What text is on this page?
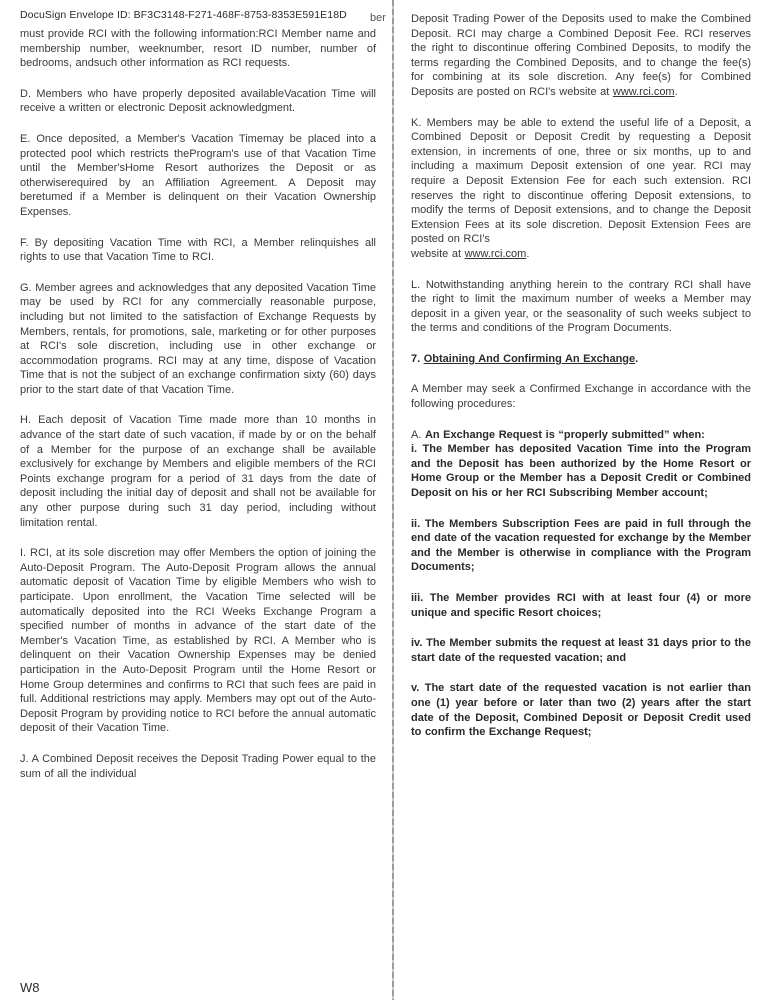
DocuSign Envelope ID: BF3C3148-F271-468F-8753-8353E591E18D ber

must provide RCI with the following information:RCI Member name and membership number, weeknumber, resort ID number, number of bedrooms, andsuch other information as RCI requests.

D. Members who have properly deposited availableVacation Time will receive a written or electronic Deposit acknowledgment.

E. Once deposited, a Member's Vacation Timemay be placed into a protected pool which restricts theProgram's use of that Vacation Time until the Member'sHome Resort authorizes the Deposit or as otherwiserequired by an Affiliation Agreement. A Deposit may beretumed if a Member is delinquent on their Vacation Ownership Expenses.

F. By depositing Vacation Time with RCI, a Member relinquishes all rights to use that Vacation Time to RCI.

G. Member agrees and acknowledges that any deposited Vacation Time may be used by RCI for any commercially reasonable purpose, including but not limited to the satisfaction of Exchange Requests by Members, rentals, for promotions, sale, marketing or for other purposes at RCI's sole discretion, including use in other exchange or accommodation programs. RCI may at any time, dispose of Vacation Time that is not the subject of an exchange confirmation sixty (60) days prior to the start date of that Vacation Time.

H. Each deposit of Vacation Time made more than 10 months in advance of the start date of such vacation, if made by or on the behalf of a Member for the purpose of an exchange shall be available exclusively for exchange by Members and eligible members of the RCI Points exchange program for a period of 31 days from the date of deposit including the initial day of deposit and shall not be available for any other purpose during such 31 day period, including without limitation rental.

I. RCI, at its sole discretion may offer Members the option of joining the Auto-Deposit Program. The Auto-Deposit Program allows the annual automatic deposit of Vacation Time by eligible Members who wish to participate. Upon enrollment, the Vacation Time selected will be automatically deposited into the RCI Weeks Exchange Program a specified number of months in advance of the start date of the Member's Vacation Time, as established by RCI. A Member who is delinquent on their Vacation Ownership Expenses may be denied participation in the Auto-Deposit Program until the Home Resort or Home Group determines and confirms to RCI that such fees are paid in full. Additional restrictions may apply. Members may opt out of the Auto-Deposit Program by providing notice to RCI before the annual automatic deposit of their Vacation Time.

J. A Combined Deposit receives the Deposit Trading Power equal to the sum of all the individual

Deposit Trading Power of the Deposits used to make the Combined Deposit. RCI may charge a Combined Deposit Fee. RCI reserves the right to discontinue offering Combined Deposits, to modify the terms regarding the Combined Deposits, and to change the fee(s) for combining at its sole discretion. Any fee(s) for Combined Deposits are posted on RCI's website at www.rci.com.

K. Members may be able to extend the useful life of a Deposit, a Combined Deposit or Deposit Credit by requesting a Deposit extension, in increments of one, three or six months, up to and including a maximum Deposit extension of one year. RCI may require a Deposit Extension Fee for each such extension. RCI reserves the right to discontinue offering Deposit extensions, to modify the terms of Deposit extensions, and to change the Deposit Extension Fees at its sole discretion. Deposit Extension Fees are posted on RCI's
website at www.rci.com.

L. Notwithstanding anything herein to the contrary RCI shall have the right to limit the maximum number of weeks a Member may deposit in a given year, or the seasonality of such weeks subject to the terms and conditions of the Program Documents.

7. Obtaining And Confirming An Exchange.

A Member may seek a Confirmed Exchange in accordance with the following procedures:

A. An Exchange Request is “properly submitted” when:

i. The Member has deposited Vacation Time into the Program and the Deposit has been authorized by the Home Resort or Home Group or the Member has a Deposit Credit or Combined Deposit on his or her RCI Subscribing Member account;

ii. The Members Subscription Fees are paid in full through the end date of the vacation requested for exchange by the Member and the Member is otherwise in compliance with the Program Documents;

iii. The Member provides RCI with at least four (4) or more unique and specific Resort choices;

iv. The Member submits the request at least 31 days prior to the start date of the requested vacation; and

v. The start date of the requested vacation is not earlier than one (1) year before or later than two (2) years after the start date of the Deposit, Combined Deposit or Deposit Credit used to confirm the Exchange Request;

W8
